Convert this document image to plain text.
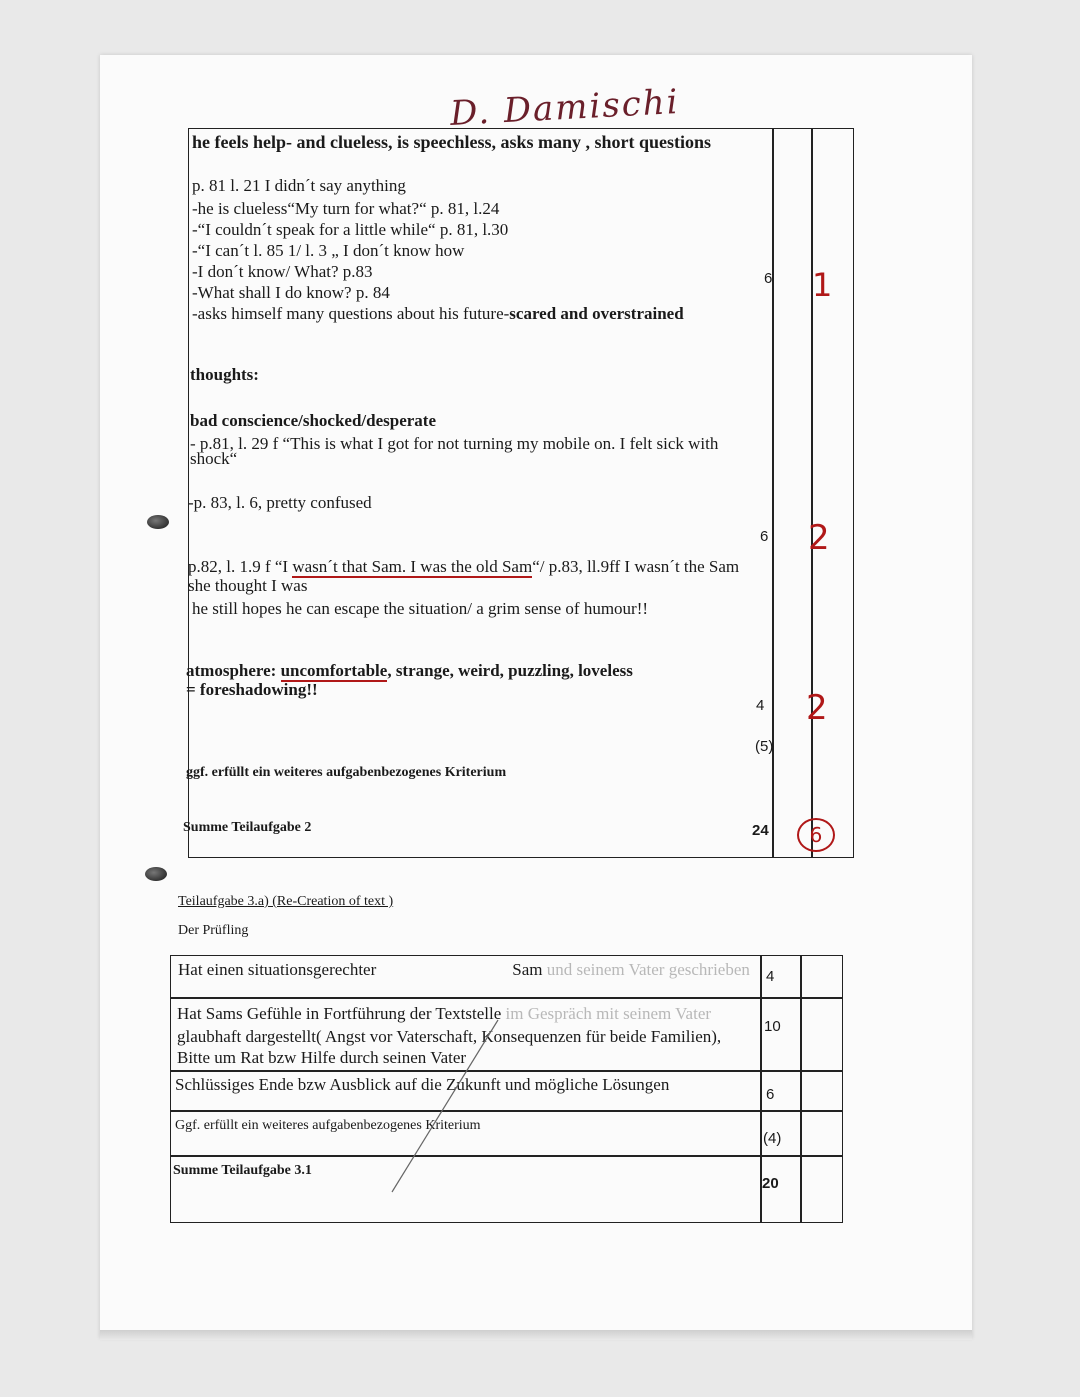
D. Damischi
he feels help- and clueless, is speechless, asks many , short questions
p. 81 l. 21 I didn´t say anything
-he is clueless“My turn for what?“ p. 81, l.24
-“I couldn´t speak for a little while“ p. 81, l.30
-“I can´t l. 85 1/ l. 3 „ I don´t know how
-I don´t know/ What? p.83
-What shall I do know? p. 84
-asks himself many questions about his future-scared and overstrained
thoughts:
bad conscience/shocked/desperate
- p.81, l. 29 f “This is what I got for not turning my mobile on. I felt sick with
shock“
-p. 83, l. 6, pretty confused
p.82, l. 1.9 f “I wasn´t that Sam. I was the old Sam“/ p.83, ll.9ff I wasn´t the Sam
she thought I was
he still hopes he can escape the situation/ a grim sense of humour!!
atmosphere: uncomfortable, strange, weird, puzzling, loveless
= foreshadowing!!
ggf. erfüllt ein weiteres aufgabenbezogenes Kriterium
Summe Teilaufgabe 2
6
6
4
(5)
24
1
2
2
6
Teilaufgabe 3.a) (Re-Creation of text )
Der Prüfling
Hat einen situationsgerechter	Sam und seinem Vater geschrieben
Hat Sams Gefühle in Fortführung der Textstelle im Gespräch mit seinem Vater
glaubhaft dargestellt( Angst vor Vaterschaft, Konsequenzen für beide Familien),
Bitte um Rat bzw Hilfe durch seinen Vater
Schlüssiges Ende bzw Ausblick auf die Zukunft und mögliche Lösungen
Ggf. erfüllt ein weiteres aufgabenbezogenes Kriterium
Summe Teilaufgabe 3.1
4
10
6
(4)
20
